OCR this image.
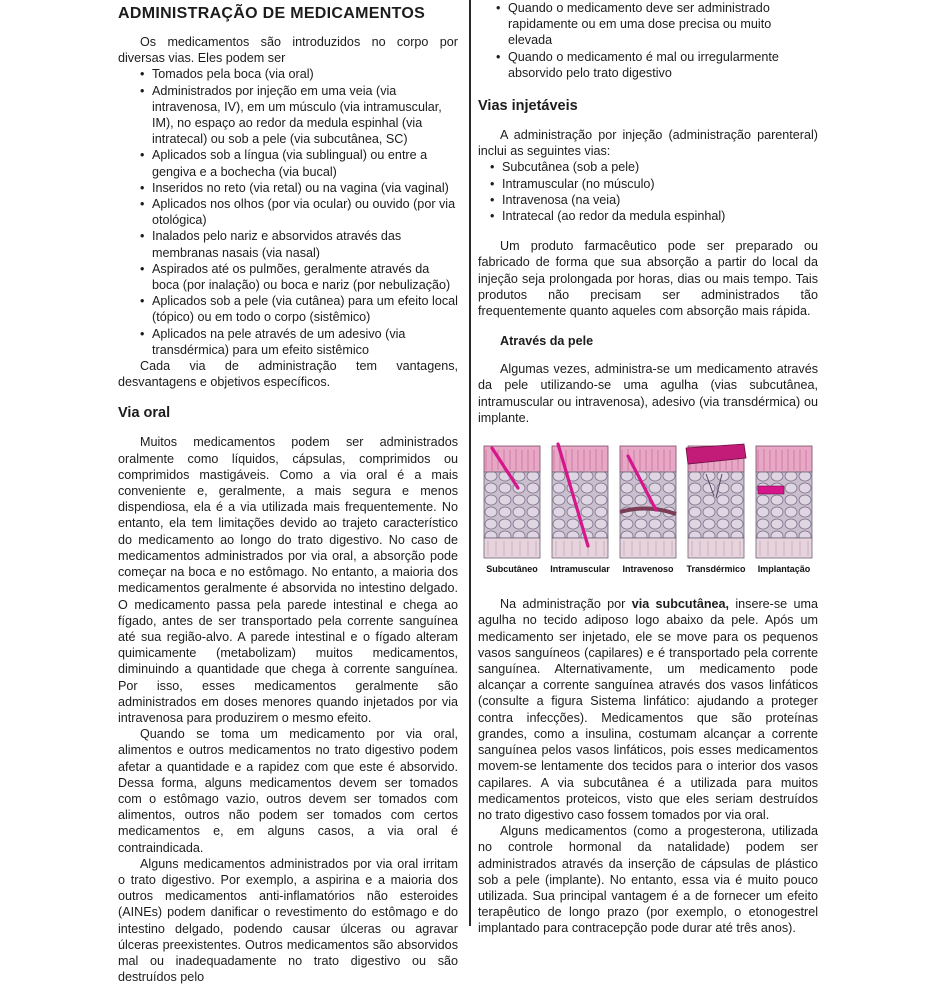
ADMINISTRAÇÃO DE MEDICAMENTOS

Os medicamentos são introduzidos no corpo por diversas vias. Eles podem ser

• Tomados pela boca (via oral)
• Administrados por injeção em uma veia (via intravenosa, IV), em um músculo (via intramuscular, IM), no espaço ao redor da medula espinhal (via intratecal) ou sob a pele (via subcutânea, SC)
• Aplicados sob a língua (via sublingual) ou entre a gengiva e a bochecha (via bucal)
• Inseridos no reto (via retal) ou na vagina (via vaginal)
• Aplicados nos olhos (por via ocular) ou ouvido (por via otológica)
• Inalados pelo nariz e absorvidos através das membranas nasais (via nasal)
• Aspirados até os pulmões, geralmente através da boca (por inalação) ou boca e nariz (por nebulização)
• Aplicados sob a pele (via cutânea) para um efeito local (tópico) ou em todo o corpo (sistêmico)
• Aplicados na pele através de um adesivo (via transdérmica) para um efeito sistêmico

Cada via de administração tem vantagens, desvantagens e objetivos específicos.

Via oral

Muitos medicamentos podem ser administrados oralmente como líquidos, cápsulas, comprimidos ou comprimidos mastigáveis. Como a via oral é a mais conveniente e, geralmente, a mais segura e menos dispendiosa, ela é a via utilizada mais frequentemente. No entanto, ela tem limitações devido ao trajeto característico do medicamento ao longo do trato digestivo. No caso de medicamentos administrados por via oral, a absorção pode começar na boca e no estômago. No entanto, a maioria dos medicamentos geralmente é absorvida no intestino delgado. O medicamento passa pela parede intestinal e chega ao fígado, antes de ser transportado pela corrente sanguínea até sua região-alvo. A parede intestinal e o fígado alteram quimicamente (metabolizam) muitos medicamentos, diminuindo a quantidade que chega à corrente sanguínea. Por isso, esses medicamentos geralmente são administrados em doses menores quando injetados por via intravenosa para produzirem o mesmo efeito.

Quando se toma um medicamento por via oral, alimentos e outros medicamentos no trato digestivo podem afetar a quantidade e a rapidez com que este é absorvido. Dessa forma, alguns medicamentos devem ser tomados com o estômago vazio, outros devem ser tomados com alimentos, outros não podem ser tomados com certos medicamentos e, em alguns casos, a via oral é contraindicada.

Alguns medicamentos administrados por via oral irritam o trato digestivo. Por exemplo, a aspirina e a maioria dos outros medicamentos anti-inflamatórios não esteroides (AINEs) podem danificar o revestimento do estômago e do intestino delgado, podendo causar úlceras ou agravar úlceras preexistentes. Outros medicamentos são absorvidos mal ou inadequadamente no trato digestivo ou são destruídos pelo

• Quando o medicamento deve ser administrado rapidamente ou em uma dose precisa ou muito elevada
• Quando o medicamento é mal ou irregularmente absorvido pelo trato digestivo
Vias injetáveis

A administração por injeção (administração parenteral) inclui as seguintes vias:

• Subcutânea (sob a pele)
• Intramuscular (no músculo)
• Intravenosa (na veia)
• Intratecal (ao redor da medula espinhal)

Um produto farmacêutico pode ser preparado ou fabricado de forma que sua absorção a partir do local da injeção seja prolongada por horas, dias ou mais tempo. Tais produtos não precisam ser administrados tão frequentemente quanto aqueles com absorção mais rápida.

Através da pele

Algumas vezes, administra-se um medicamento através da pele utilizando-se uma agulha (vias subcutânea, intramuscular ou intravenosa), adesivo (via transdérmica) ou implante.

Subcutâneo Intramuscular Intravenoso Transdérmico Implantação

Na administração por via subcutânea, insere-se uma agulha no tecido adiposo logo abaixo da pele. Após um medicamento ser injetado, ele se move para os pequenos vasos sanguíneos (capilares) e é transportado pela corrente sanguínea. Alternativamente, um medicamento pode alcançar a corrente sanguínea através dos vasos linfáticos (consulte a figura Sistema linfático: ajudando a proteger contra infecções). Medicamentos que são proteínas grandes, como a insulina, costumam alcançar a corrente sanguínea pelos vasos linfáticos, pois esses medicamentos movem-se lentamente dos tecidos para o interior dos vasos capilares. A via subcutânea é a utilizada para muitos medicamentos proteicos, visto que eles seriam destruídos no trato digestivo caso fossem tomados por via oral.

Alguns medicamentos (como a progesterona, utilizada no controle hormonal da natalidade) podem ser administrados através da inserção de cápsulas de plástico sob a pele (implante). No entanto, essa via é muito pouco utilizada. Sua principal vantagem é a de fornecer um efeito terapêutico de longo prazo (por exemplo, o etonogestrel implantado para contracepção pode durar até três anos).
